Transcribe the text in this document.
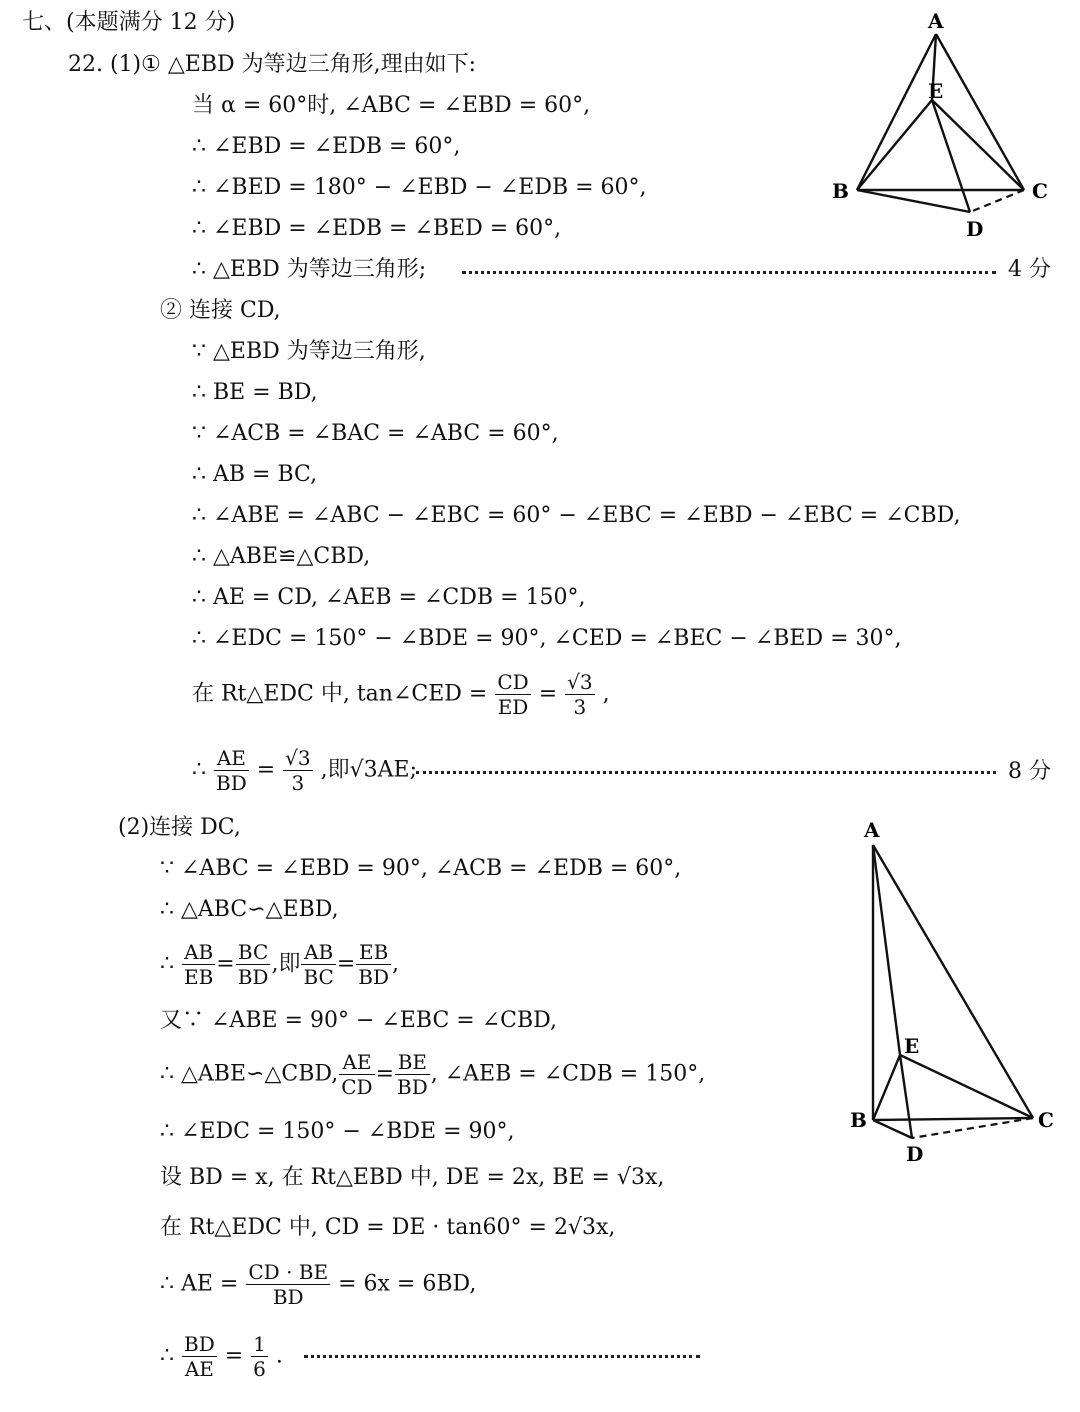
七、(本题满分 12 分)
22. (1)① △EBD 为等边三角形,理由如下:
当 α = 60°时, ∠ABC = ∠EBD = 60°,
∴ ∠EBD = ∠EDB = 60°,
∴ ∠BED = 180° − ∠EBD − ∠EDB = 60°,
∴ ∠EBD = ∠EDB = ∠BED = 60°,
∴ △EBD 为等边三角形;	4 分
② 连接 CD,
∵ △EBD 为等边三角形,
∴ BE = BD,
∵ ∠ACB = ∠BAC = ∠ABC = 60°,
∴ AB = BC,
∴ ∠ABE = ∠ABC − ∠EBC = 60° − ∠EBC = ∠EBD − ∠EBC = ∠CBD,
∴ △ABE≌△CBD,
∴ AE = CD, ∠AEB = ∠CDB = 150°,
∴ ∠EDC = 150° − ∠BDE = 90°, ∠CED = ∠BEC − ∠BED = 30°,
在 Rt△EDC 中, tan∠CED = $\frac{CD}{ED} = \frac{√3}{3}$ ,
∴ $\frac{AE}{BD} = \frac{√3}{3}$ ,即√3AE;	8 分
(2)连接 DC,
∵ ∠ABC = ∠EBD = 90°, ∠ACB = ∠EDB = 60°,
∴ △ABC∽△EBD,
∴ $\frac{AB}{EB} = \frac{BC}{BD}$ ,即 $\frac{AB}{BC} = \frac{EB}{BD}$ ,
又∵ ∠ABE = 90° − ∠EBC = ∠CBD,
∴ △ABE∽△CBD, $\frac{AE}{CD} = \frac{BE}{BD}$ , ∠AEB = ∠CDB = 150°,
∴ ∠EDC = 150° − ∠BDE = 90°,
设 BD = x, 在 Rt△EBD 中, DE = 2x, BE = √3x,
在 Rt△EDC 中, CD = DE · tan60° = 2√3x,
∴ AE = $\frac{CD \cdot BE}{BD} = 6x = 6BD$,
∴ $\frac{BD}{AE} = \frac{1}{6}$ .
A
E
B	C
D
A
E
B	C
D
